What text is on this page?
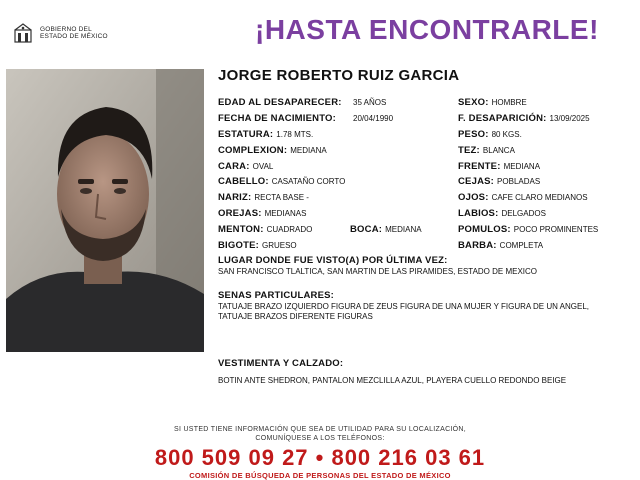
GOBIERNO DEL
ESTADO DE MÉXICO	¡HASTA ENCONTRARLE!
JORGE ROBERTO RUIZ GARCIA
EDAD AL DESAPARECER: 35 AÑOS
FECHA DE NACIMIENTO: 20/04/1990
ESTATURA: 1.78 MTS.
COMPLEXION: MEDIANA
CARA: OVAL
CABELLO: CASATAÑO CORTO
NARIZ: RECTA BASE -
OREJAS: MEDIANAS
MENTON: CUADRADO
BIGOTE: GRUESO
BOCA: MEDIANA
SEXO: HOMBRE
F. DESAPARICIÓN: 13/09/2025
PESO: 80 KGS.
TEZ: BLANCA
FRENTE: MEDIANA
CEJAS: POBLADAS
OJOS: CAFE CLARO MEDIANOS
LABIOS: DELGADOS
POMULOS: POCO PROMINENTES
BARBA: COMPLETA
LUGAR DONDE FUE VISTO(A) POR ÚLTIMA VEZ:
SAN FRANCISCO TLALTICA, SAN MARTIN DE LAS PIRAMIDES, ESTADO DE MEXICO
SENAS PARTICULARES:
TATUAJE BRAZO IZQUIERDO FIGURA DE ZEUS FIGURA DE UNA MUJER Y FIGURA DE UN ANGEL, TATUAJE BRAZOS DIFERENTE FIGURAS
VESTIMENTA Y CALZADO:
BOTIN ANTE SHEDRON, PANTALON MEZCLILLA AZUL, PLAYERA CUELLO REDONDO BEIGE
SI USTED TIENE INFORMACIÓN QUE SEA DE UTILIDAD PARA SU LOCALIZACIÓN,
COMUNÍQUESE A LOS TELÉFONOS:
800 509 09 27 • 800 216 03 61
COMISIÓN DE BÚSQUEDA DE PERSONAS DEL ESTADO DE MÉXICO
